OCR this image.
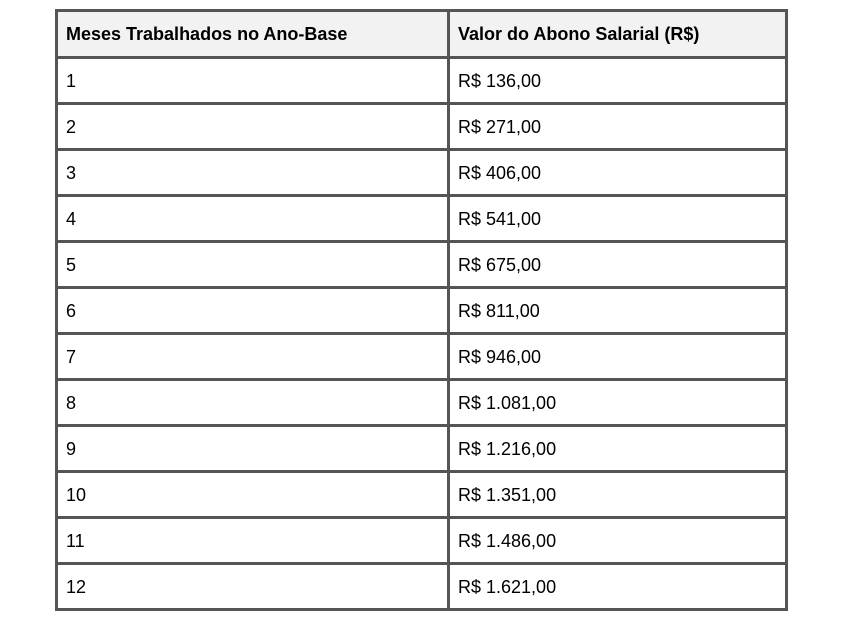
Meses Trabalhados no Ano-Base	Valor do Abono Salarial (R$)
1	R$ 136,00
2	R$ 271,00
3	R$ 406,00
4	R$ 541,00
5	R$ 675,00
6	R$ 811,00
7	R$ 946,00
8	R$ 1.081,00
9	R$ 1.216,00
10	R$ 1.351,00
11	R$ 1.486,00
12	R$ 1.621,00
